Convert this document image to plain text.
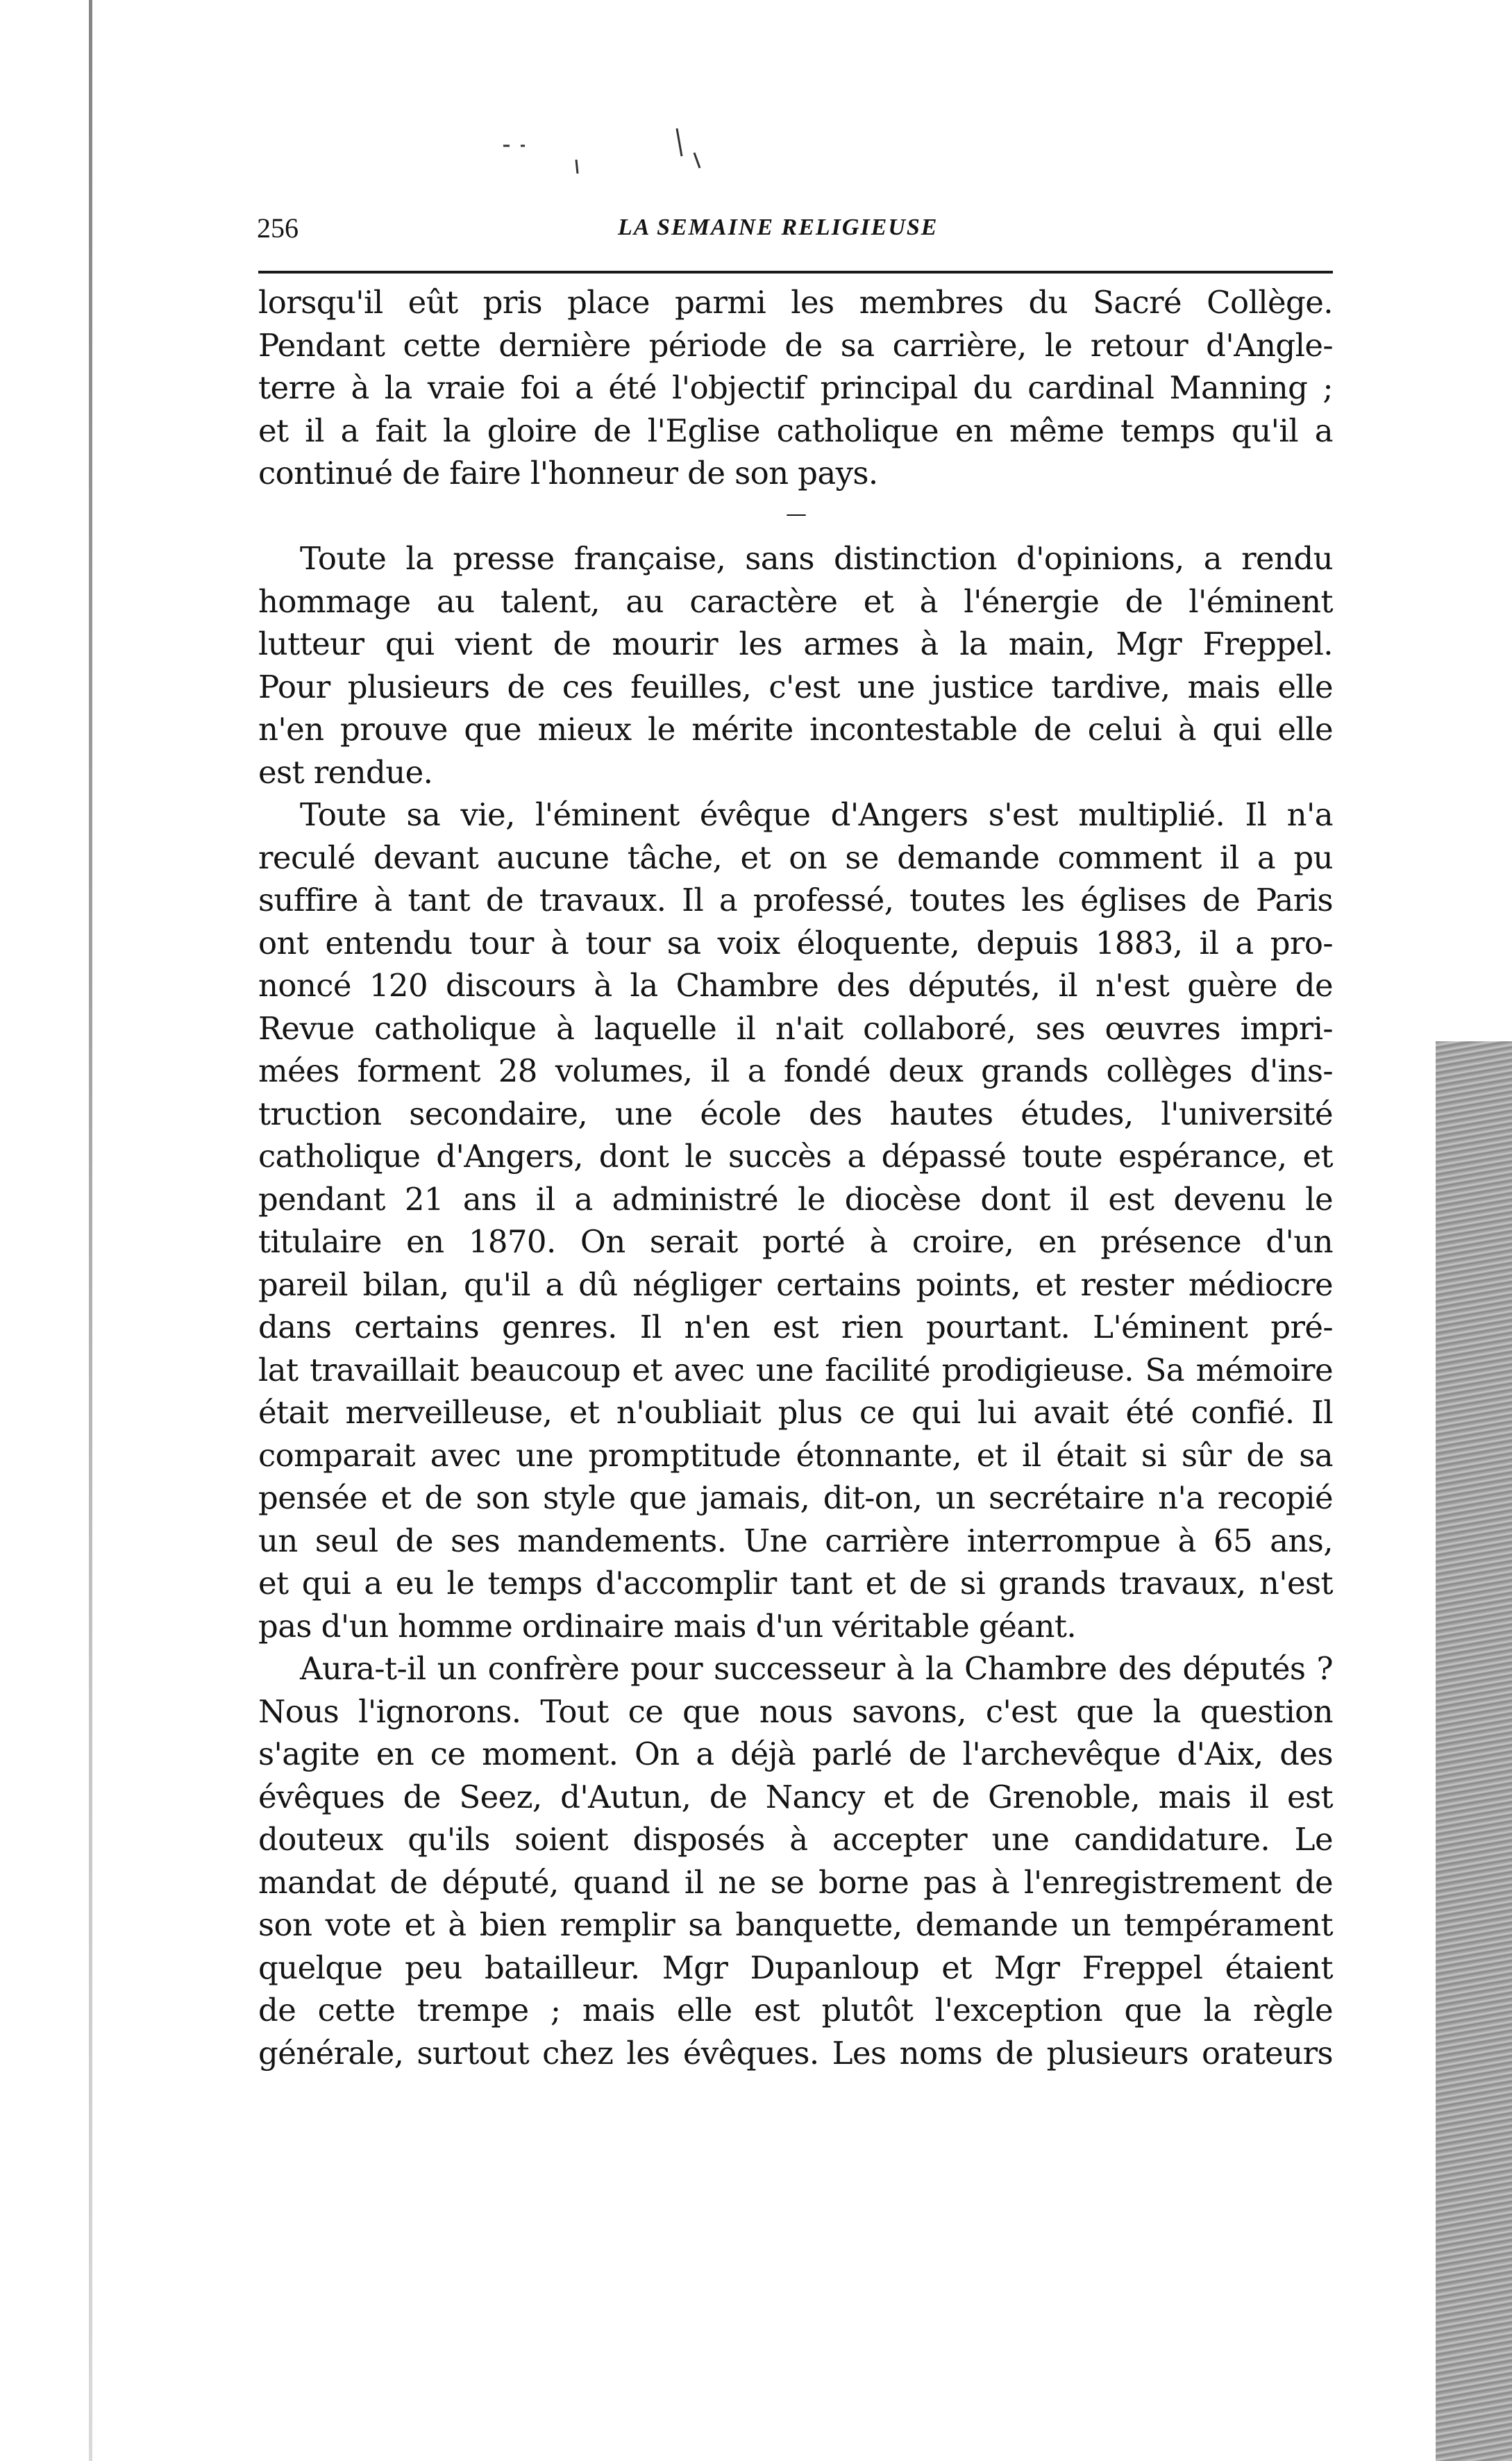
256	LA SEMAINE RELIGIEUSE
lorsqu'il eût pris place parmi les membres du Sacré Collège.
Pendant cette dernière période de sa carrière, le retour d'Angle-
terre à la vraie foi a été l'objectif principal du cardinal Manning ;
et il a fait la gloire de l'Eglise catholique en même temps qu'il a
continué de faire l'honneur de son pays.
—
Toute la presse française, sans distinction d'opinions, a rendu
hommage au talent, au caractère et à l'énergie de l'éminent
lutteur qui vient de mourir les armes à la main, Mgr Freppel.
Pour plusieurs de ces feuilles, c'est une justice tardive, mais elle
n'en prouve que mieux le mérite incontestable de celui à qui elle
est rendue.
Toute sa vie, l'éminent évêque d'Angers s'est multiplié. Il n'a
reculé devant aucune tâche, et on se demande comment il a pu
suffire à tant de travaux. Il a professé, toutes les églises de Paris
ont entendu tour à tour sa voix éloquente, depuis 1883, il a pro-
noncé 120 discours à la Chambre des députés, il n'est guère de
Revue catholique à laquelle il n'ait collaboré, ses œuvres impri-
mées forment 28 volumes, il a fondé deux grands collèges d'ins-
truction secondaire, une école des hautes études, l'université
catholique d'Angers, dont le succès a dépassé toute espérance, et
pendant 21 ans il a administré le diocèse dont il est devenu le
titulaire en 1870. On serait porté à croire, en présence d'un
pareil bilan, qu'il a dû négliger certains points, et rester médiocre
dans certains genres. Il n'en est rien pourtant. L'éminent pré-
lat travaillait beaucoup et avec une facilité prodigieuse. Sa mémoire
était merveilleuse, et n'oubliait plus ce qui lui avait été confié. Il
comparait avec une promptitude étonnante, et il était si sûr de sa
pensée et de son style que jamais, dit-on, un secrétaire n'a recopié
un seul de ses mandements. Une carrière interrompue à 65 ans,
et qui a eu le temps d'accomplir tant et de si grands travaux, n'est
pas d'un homme ordinaire mais d'un véritable géant.
Aura-t-il un confrère pour successeur à la Chambre des députés ?
Nous l'ignorons. Tout ce que nous savons, c'est que la question
s'agite en ce moment. On a déjà parlé de l'archevêque d'Aix, des
évêques de Seez, d'Autun, de Nancy et de Grenoble, mais il est
douteux qu'ils soient disposés à accepter une candidature. Le
mandat de député, quand il ne se borne pas à l'enregistrement de
son vote et à bien remplir sa banquette, demande un tempérament
quelque peu batailleur. Mgr Dupanloup et Mgr Freppel étaient
de cette trempe ; mais elle est plutôt l'exception que la règle
générale, surtout chez les évêques. Les noms de plusieurs orateurs
